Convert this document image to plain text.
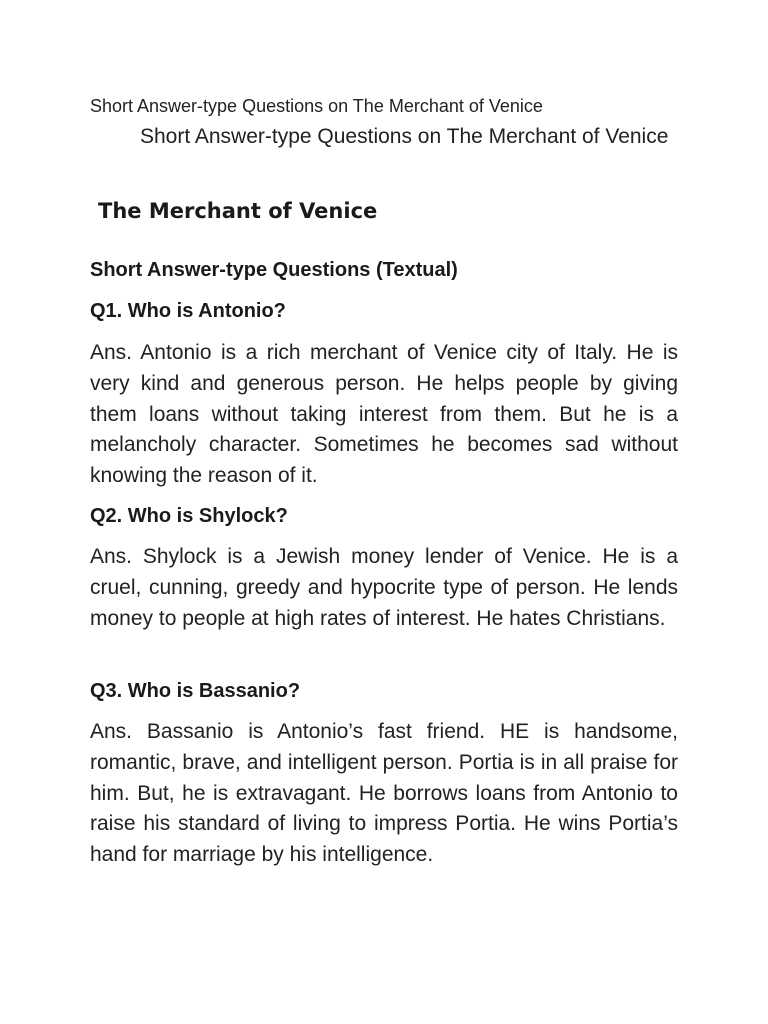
Short Answer-type Questions on The Merchant of Venice
Short Answer-type Questions on The Merchant of Venice
The Merchant of Venice
Short Answer-type Questions (Textual)
Q1. Who is Antonio?
Ans. Antonio is a rich merchant of Venice city of Italy. He is very kind and generous person. He helps people by giving them loans without taking interest from them. But he is a melancholy character. Sometimes he becomes sad without knowing the reason of it.
Q2. Who is Shylock?
Ans. Shylock is a Jewish money lender of Venice. He is a cruel, cunning, greedy and hypocrite type of person. He lends money to people at high rates of interest. He hates Christians.
Q3. Who is Bassanio?
Ans. Bassanio is Antonio’s fast friend. HE is handsome, romantic, brave, and intelligent person. Portia is in all praise for him. But, he is extravagant. He borrows loans from Antonio to raise his standard of living to impress Portia. He wins Portia’s hand for marriage by his intelligence.
